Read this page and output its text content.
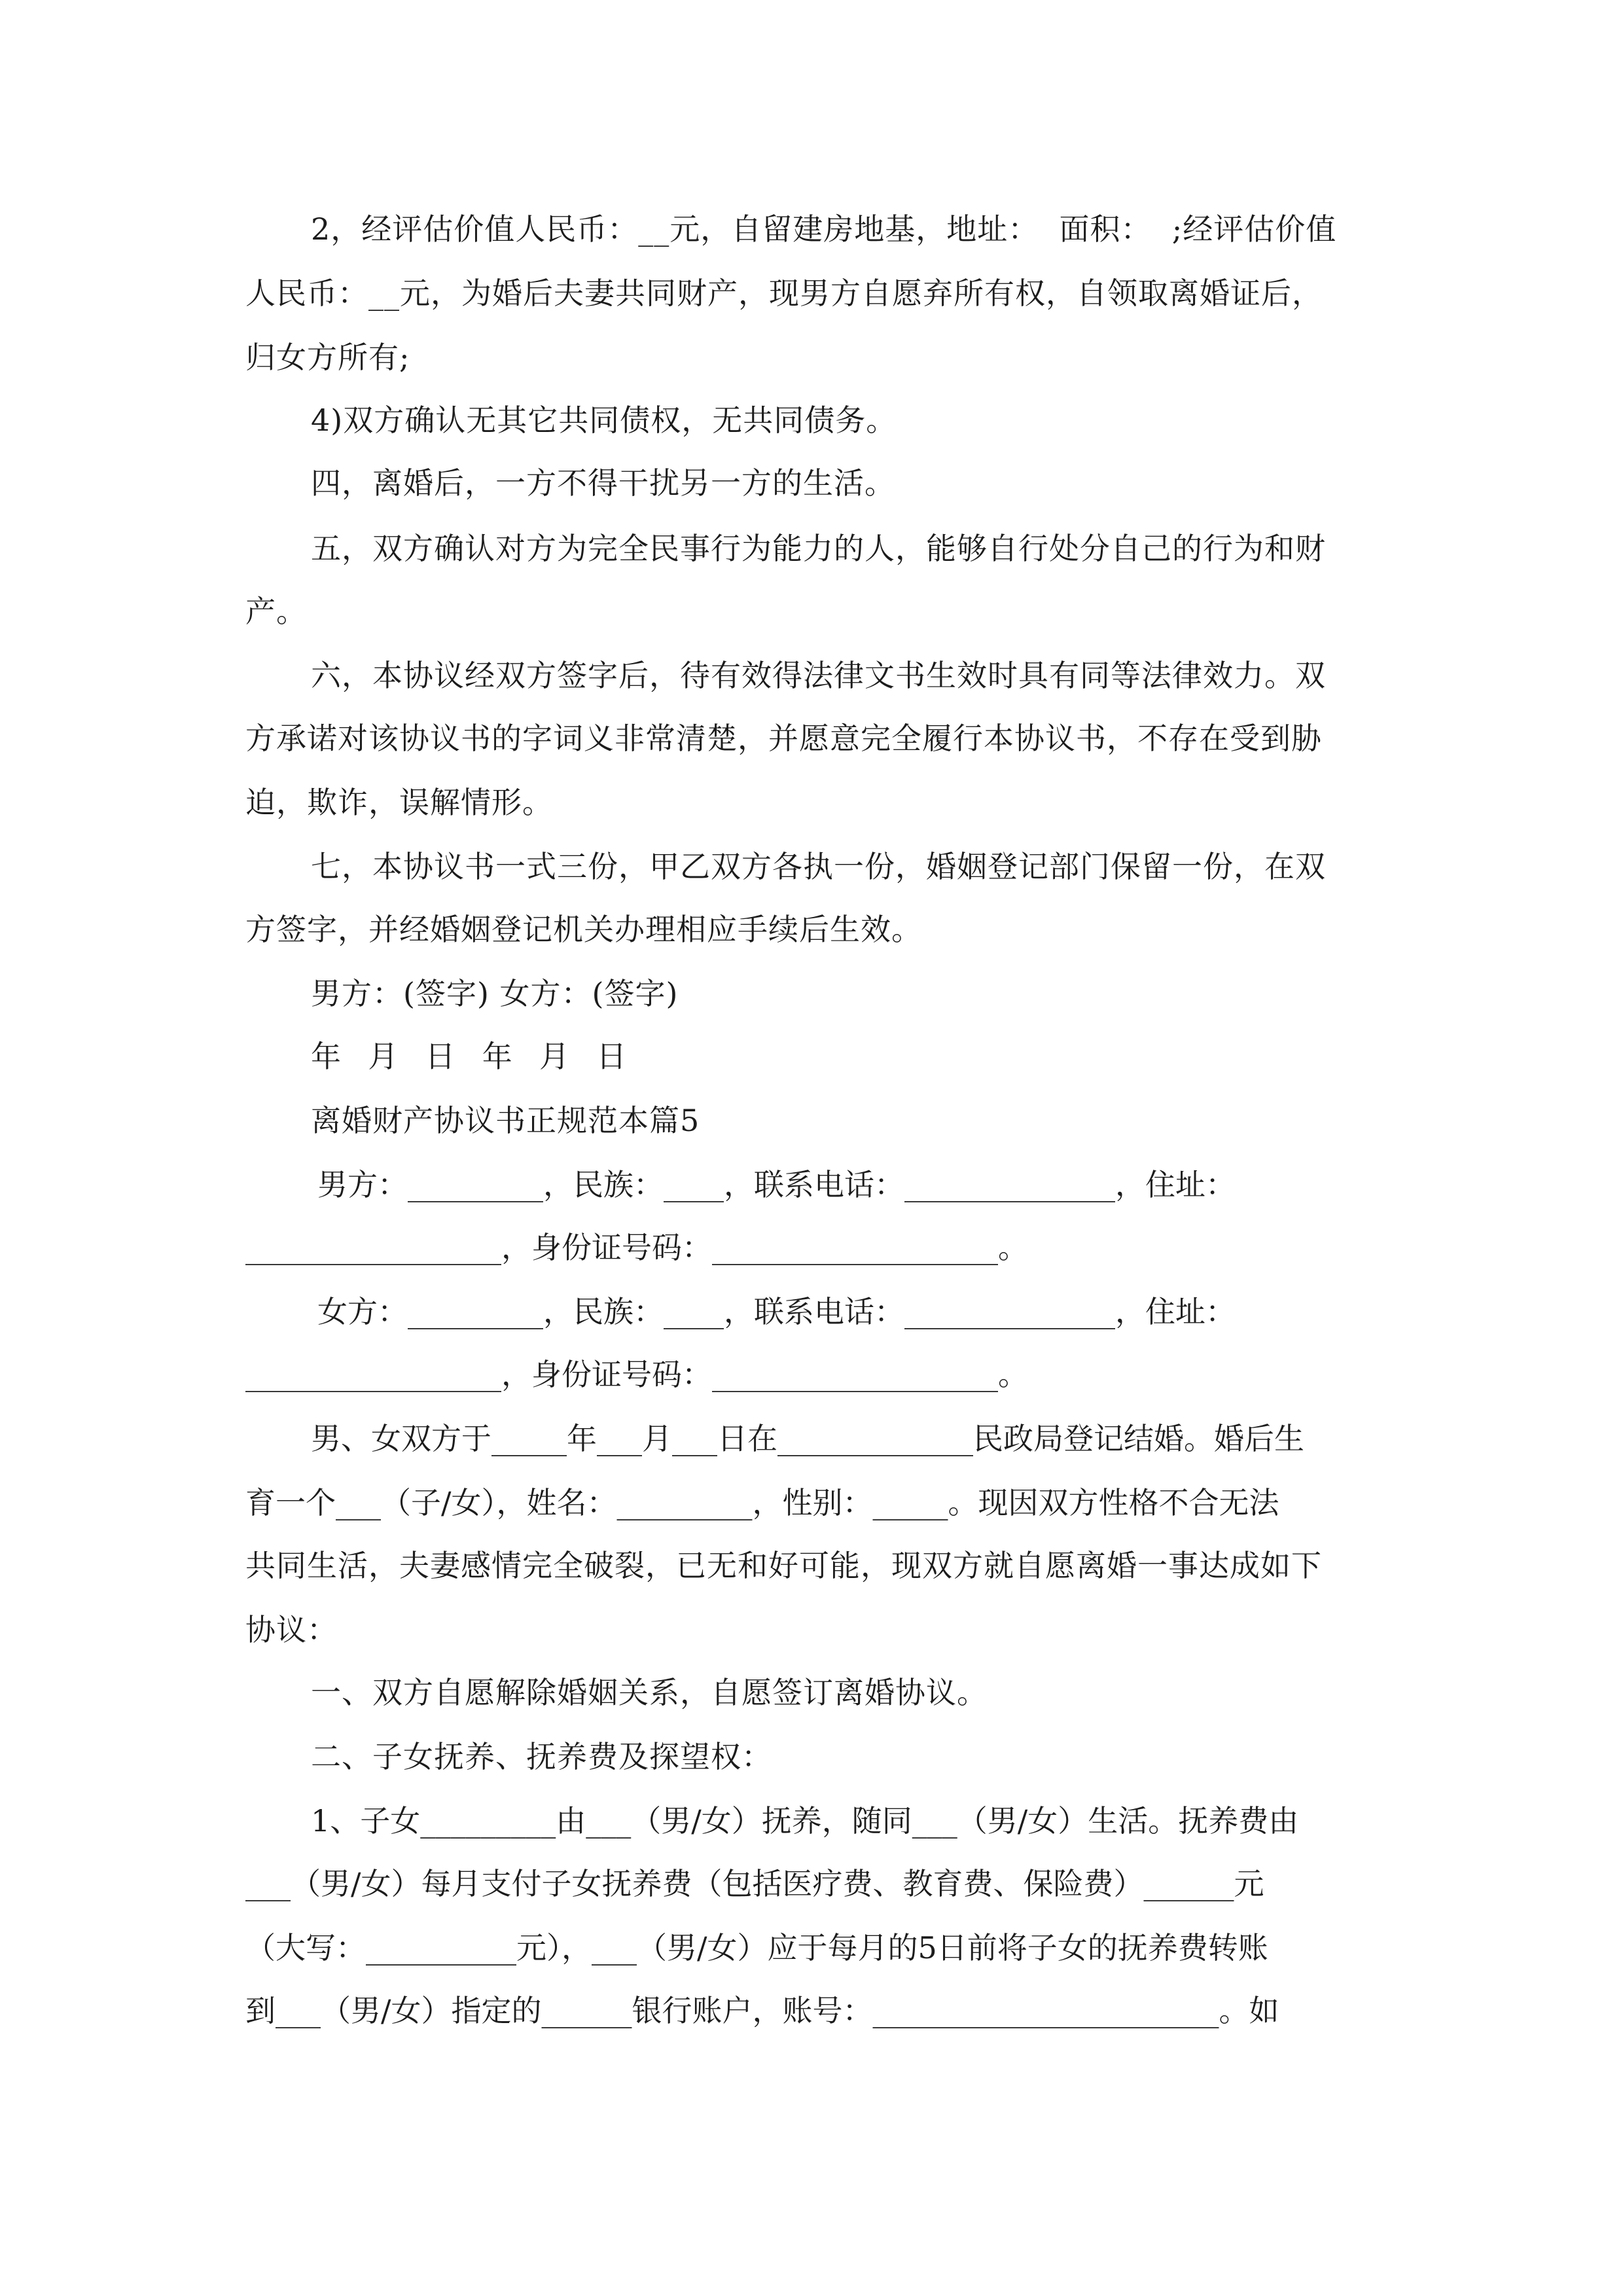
2，经评估价值人民币：__元，自留建房地基，地址：  面积：  ;经评估价值
人民币：__元，为婚后夫妻共同财产，现男方自愿弃所有权，自领取离婚证后，
归女方所有;
4)双方确认无其它共同债权，无共同债务。
四，离婚后，一方不得干扰另一方的生活。
五，双方确认对方为完全民事行为能力的人，能够自行处分自己的行为和财
产。
六，本协议经双方签字后，待有效得法律文书生效时具有同等法律效力。双
方承诺对该协议书的字词义非常清楚，并愿意完全履行本协议书，不存在受到胁
迫，欺诈，误解情形。
七，本协议书一式三份，甲乙双方各执一份，婚姻登记部门保留一份，在双
方签字，并经婚姻登记机关办理相应手续后生效。
男方：(签字) 女方：(签字)
年  月  日  年  月  日
离婚财产协议书正规范本篇5
男方：_________，民族：____，联系电话：______________，住址：
_________________，身份证号码：___________________。
女方：_________，民族：____，联系电话：______________，住址：
_________________，身份证号码：___________________。
男、女双方于_____年___月___日在_____________民政局登记结婚。婚后生
育一个___（子/女），姓名：_________，性别：_____。现因双方性格不合无法
共同生活，夫妻感情完全破裂，已无和好可能，现双方就自愿离婚一事达成如下
协议：
一、双方自愿解除婚姻关系，自愿签订离婚协议。
二、子女抚养、抚养费及探望权：
1、子女_________由___（男/女）抚养，随同___（男/女）生活。抚养费由
___（男/女）每月支付子女抚养费（包括医疗费、教育费、保险费）______元
（大写：__________元），___（男/女）应于每月的5日前将子女的抚养费转账
到___（男/女）指定的______银行账户，账号：_______________________。如
